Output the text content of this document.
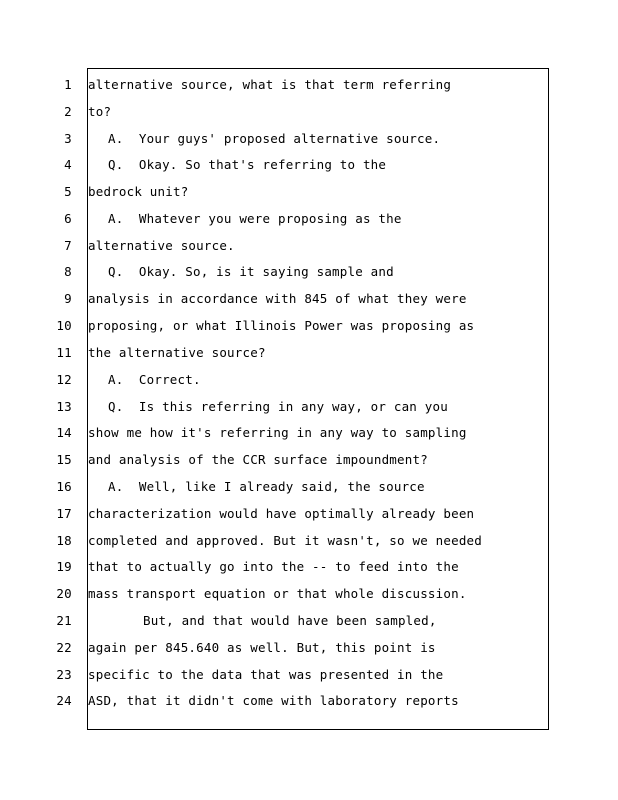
1 alternative source, what is that term referring
2 to?
3	A.  Your guys' proposed alternative source.
4	Q.  Okay. So that's referring to the
5 bedrock unit?
6	A.  Whatever you were proposing as the
7 alternative source.
8	Q.  Okay. So, is it saying sample and
9 analysis in accordance with 845 of what they were
10 proposing, or what Illinois Power was proposing as
11 the alternative source?
12	A.  Correct.
13	Q.  Is this referring in any way, or can you
14 show me how it's referring in any way to sampling
15 and analysis of the CCR surface impoundment?
16	A.  Well, like I already said, the source
17 characterization would have optimally already been
18 completed and approved. But it wasn't, so we needed
19 that to actually go into the -- to feed into the
20 mass transport equation or that whole discussion.
21	But, and that would have been sampled,
22 again per 845.640 as well. But, this point is
23 specific to the data that was presented in the
24 ASD, that it didn't come with laboratory reports
